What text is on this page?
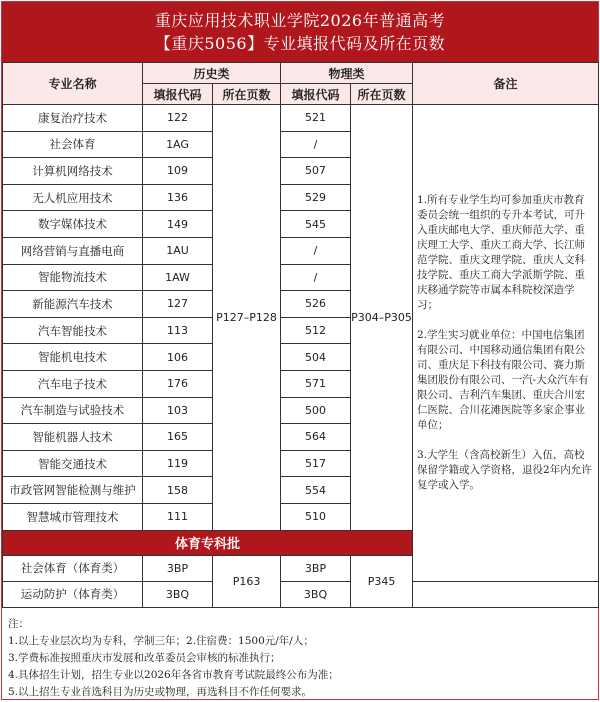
重庆应用技术职业学院2026年普通高考
【重庆5056】专业填报代码及所在页数
专业名称	历史类		物理类		备注
	填报代码	所在页数	填报代码	所在页数	
康复治疗技术	122	P127–P128	521	P304–P305	1.所有专业学生均可参加重庆市教育委员会统一组织的专升本考试，可升入重庆邮电大学、重庆师范大学、重庆理工大学、重庆工商大学、长江师范学院、重庆文理学院、重庆人文科技学院、重庆工商大学派斯学院、重庆移通学院等市属本科院校深造学习；

2.学生实习就业单位：中国电信集团有限公司、中国移动通信集团有限公司、重庆足下科技有限公司、赛力斯集团股份有限公司、一汽-大众汽车有限公司、吉利汽车集团、重庆合川宏仁医院、合川花滩医院等多家企事业单位；

3.大学生（含高校新生）入伍，高校保留学籍或入学资格，退役2年内允许复学或入学。

社会体育	1AG		/		
计算机网络技术	109		507		
无人机应用技术	136		529		
数字媒体技术	149		545		
网络营销与直播电商	1AU		/		
智能物流技术	1AW		/		
新能源汽车技术	127		526		
汽车智能技术	113		512		
智能机电技术	106		504		
汽车电子技术	176		571		
汽车制造与试验技术	103		500		
智能机器人技术	165		564		
智能交通技术	119		517		
市政管网智能检测与维护	158		554		
智慧城市管理技术	111		510		
体育专科批					
社会体育（体育类）	3BP	P163	3BP	P345	
运动防护（体育类）	3BQ		3BQ		
注：
1.以上专业层次均为专科，学制三年；2.住宿费：1500元/年/人；
3.学费标准按照重庆市发展和改革委员会审核的标准执行；
4.具体招生计划，招生专业以2026年各省市教育考试院最终公布为准；
5.以上招生专业首选科目为历史或物理，再选科目不作任何要求。
